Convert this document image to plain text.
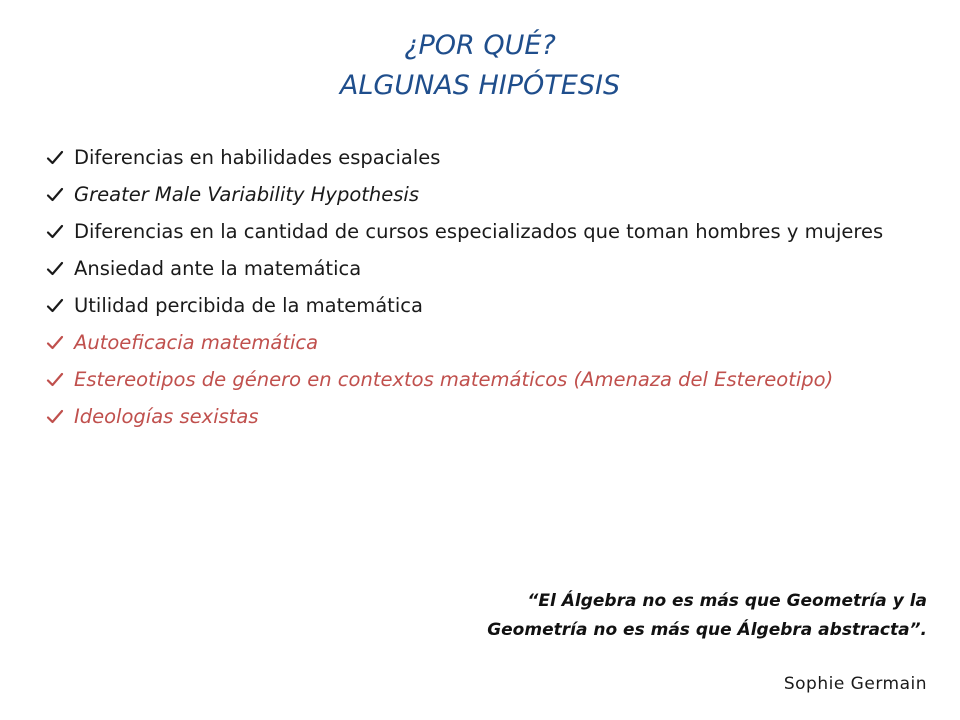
¿POR QUÉ?
ALGUNAS HIPÓTESIS
Diferencias en habilidades espaciales
Greater Male Variability Hypothesis
Diferencias en la cantidad de cursos especializados que toman hombres y mujeres
Ansiedad ante la matemática
Utilidad percibida de la matemática
Autoeficacia matemática
Estereotipos de género en contextos matemáticos (Amenaza del Estereotipo)
Ideologías sexistas
“El Álgebra no es más que Geometría y la
Geometría no es más que Álgebra abstracta”.
Sophie Germain
